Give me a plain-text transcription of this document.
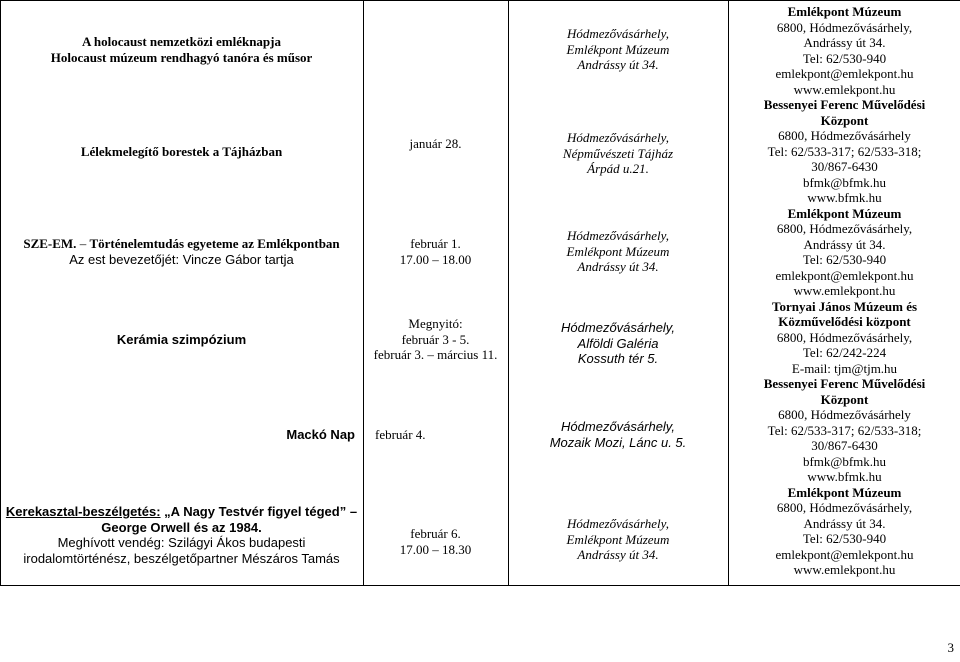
A holocaust nemzetközi emléknapja
Holocaust múzeum rendhagyó tanóra és műsor
Hódmezővásárhely,
Emlékpont Múzeum
Andrássy út 34.
Lélekmelegítő borestek a Tájházban
január 28.	Hódmezővásárhely,
Népművészeti Tájház
Árpád u.21.
SZE-EM. – Történelemtudás egyeteme az Emlékpontban
Az est bevezetőjét: Vincze Gábor tartja
február 1.
17.00 – 18.00
Hódmezővásárhely,
Emlékpont Múzeum
Andrássy út 34.
Kerámia szimpózium
Megnyitó:
február 3 - 5.
február 3. – március 11.
Hódmezővásárhely,
Alföldi Galéria
Kossuth tér 5.
Mackó Nap	február 4.
Hódmezővásárhely,
Mozaik Mozi, Lánc u. 5.
Kerekasztal-beszélgetés: „A Nagy Testvér figyel téged” – George Orwell és az 1984.
Meghívott vendég: Szilágyi Ákos budapesti irodalomtörténész, beszélgetőpartner Mészáros Tamás
február 6.
17.00 – 18.30
Hódmezővásárhely,
Emlékpont Múzeum
Andrássy út 34.
Emlékpont Múzeum
6800, Hódmezővásárhely,
Andrássy út 34.
Tel: 62/530-940
emlekpont@emlekpont.hu
www.emlekpont.hu
Bessenyei Ferenc Művelődési
Központ
6800, Hódmezővásárhely
Tel: 62/533-317; 62/533-318;
30/867-6430
bfmk@bfmk.hu
www.bfmk.hu
Emlékpont Múzeum
6800, Hódmezővásárhely,
Andrássy út 34.
Tel: 62/530-940
emlekpont@emlekpont.hu
www.emlekpont.hu
Tornyai János Múzeum és
Közművelődési központ
6800, Hódmezővásárhely,
Tel: 62/242-224
E-mail: tjm@tjm.hu
Bessenyei Ferenc Művelődési
Központ
6800, Hódmezővásárhely
Tel: 62/533-317; 62/533-318;
30/867-6430
bfmk@bfmk.hu
www.bfmk.hu
Emlékpont Múzeum
6800, Hódmezővásárhely,
Andrássy út 34.
Tel: 62/530-940
emlekpont@emlekpont.hu
www.emlekpont.hu
3
